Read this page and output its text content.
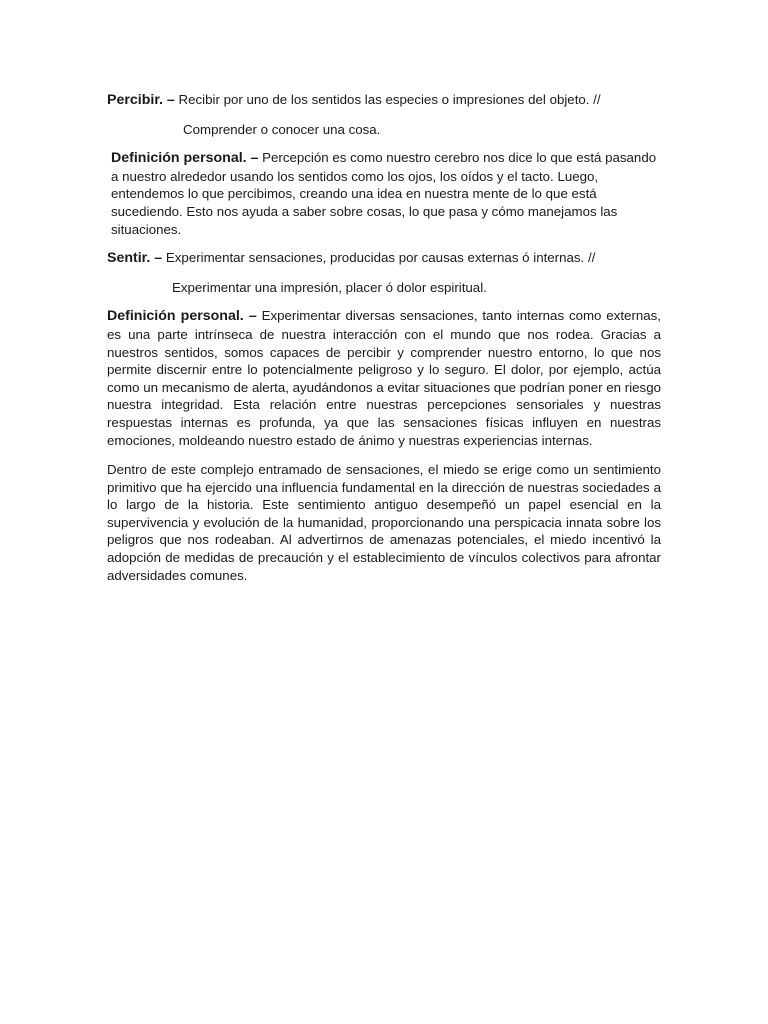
Percibir. – Recibir por uno de los sentidos las especies o impresiones del objeto. //

Comprender o conocer una cosa.

Definición personal. – Percepción es como nuestro cerebro nos dice lo que está pasando a nuestro alrededor usando los sentidos como los ojos, los oídos y el tacto. Luego, entendemos lo que percibimos, creando una idea en nuestra mente de lo que está sucediendo. Esto nos ayuda a saber sobre cosas, lo que pasa y cómo manejamos las situaciones.

Sentir. – Experimentar sensaciones, producidas por causas externas ó internas. //

Experimentar una impresión, placer ó dolor espiritual.

Definición personal. – Experimentar diversas sensaciones, tanto internas como externas, es una parte intrínseca de nuestra interacción con el mundo que nos rodea. Gracias a nuestros sentidos, somos capaces de percibir y comprender nuestro entorno, lo que nos permite discernir entre lo potencialmente peligroso y lo seguro. El dolor, por ejemplo, actúa como un mecanismo de alerta, ayudándonos a evitar situaciones que podrían poner en riesgo nuestra integridad. Esta relación entre nuestras percepciones sensoriales y nuestras respuestas internas es profunda, ya que las sensaciones físicas influyen en nuestras emociones, moldeando nuestro estado de ánimo y nuestras experiencias internas.

Dentro de este complejo entramado de sensaciones, el miedo se erige como un sentimiento primitivo que ha ejercido una influencia fundamental en la dirección de nuestras sociedades a lo largo de la historia. Este sentimiento antiguo desempeñó un papel esencial en la supervivencia y evolución de la humanidad, proporcionando una perspicacia innata sobre los peligros que nos rodeaban. Al advertirnos de amenazas potenciales, el miedo incentivó la adopción de medidas de precaución y el establecimiento de vínculos colectivos para afrontar adversidades comunes.
